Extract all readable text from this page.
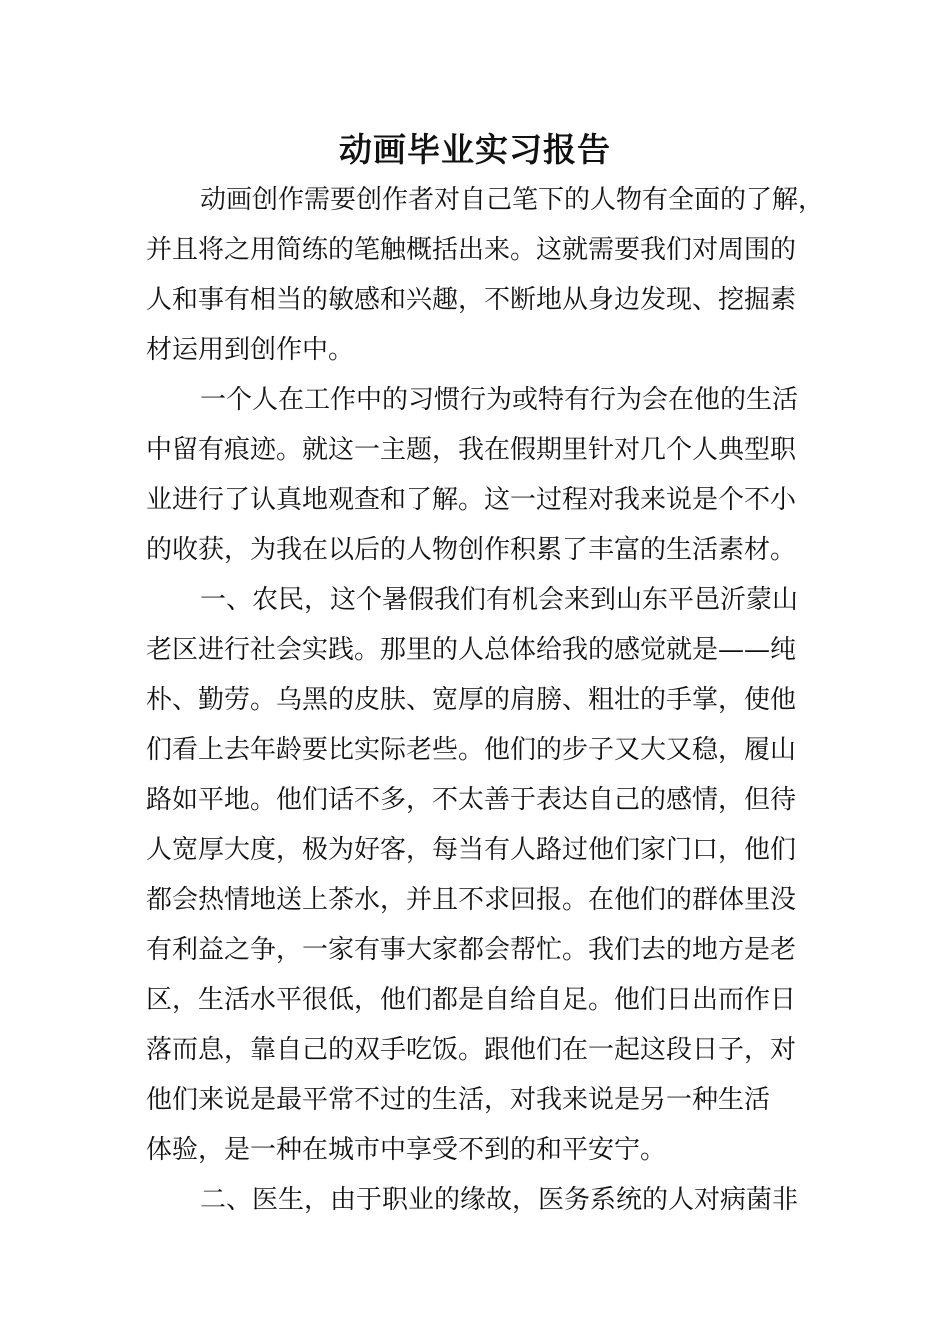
动画毕业实习报告
动画创作需要创作者对自己笔下的人物有全面的了解，
并且将之用简练的笔触概括出来。这就需要我们对周围的
人和事有相当的敏感和兴趣，不断地从身边发现、挖掘素
材运用到创作中。
一个人在工作中的习惯行为或特有行为会在他的生活
中留有痕迹。就这一主题，我在假期里针对几个人典型职
业进行了认真地观查和了解。这一过程对我来说是个不小
的收获，为我在以后的人物创作积累了丰富的生活素材。
一、农民，这个暑假我们有机会来到山东平邑沂蒙山
老区进行社会实践。那里的人总体给我的感觉就是——纯
朴、勤劳。乌黑的皮肤、宽厚的肩膀、粗壮的手掌，使他
们看上去年龄要比实际老些。他们的步子又大又稳，履山
路如平地。他们话不多，不太善于表达自己的感情，但待
人宽厚大度，极为好客，每当有人路过他们家门口，他们
都会热情地送上茶水，并且不求回报。在他们的群体里没
有利益之争，一家有事大家都会帮忙。我们去的地方是老
区，生活水平很低，他们都是自给自足。他们日出而作日
落而息，靠自己的双手吃饭。跟他们在一起这段日子，对
他们来说是最平常不过的生活，对我来说是另一种生活
体验，是一种在城市中享受不到的和平安宁。
二、医生，由于职业的缘故，医务系统的人对病菌非
